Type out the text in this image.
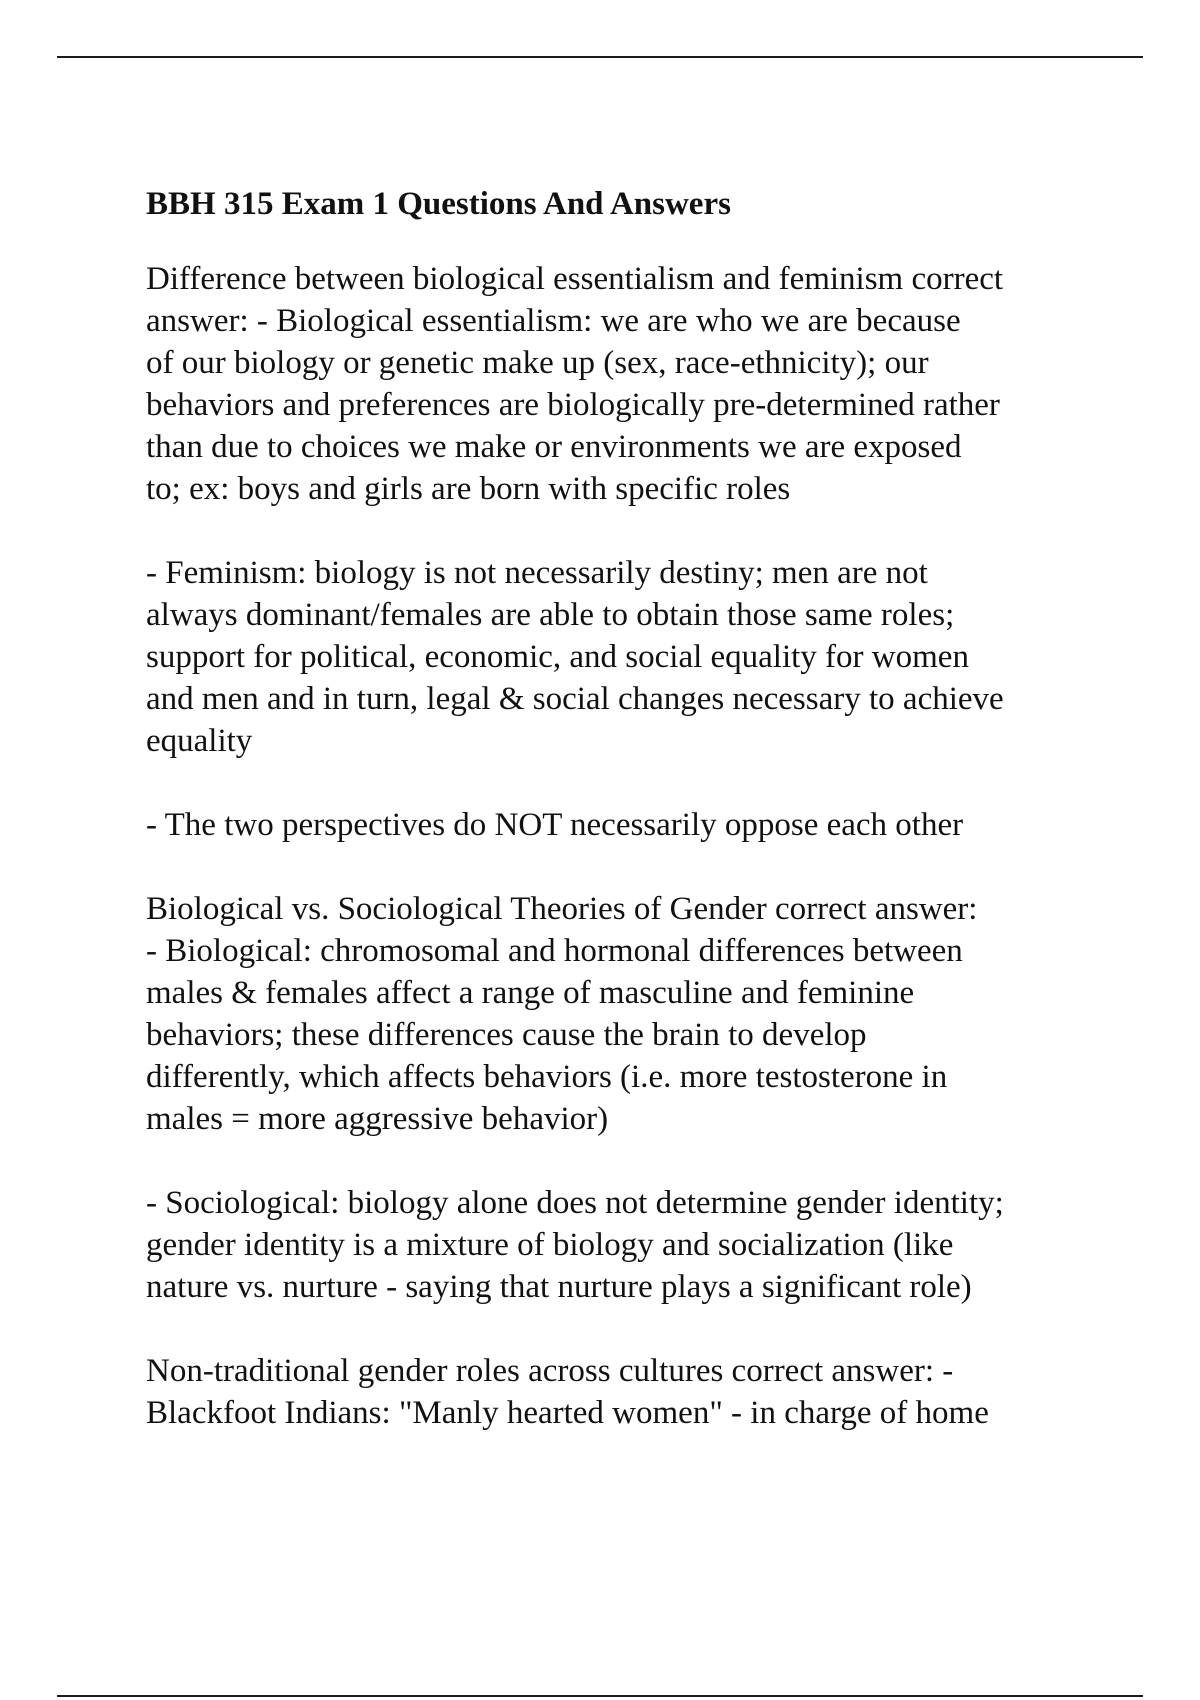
BBH 315 Exam 1 Questions And Answers
Difference between biological essentialism and feminism correct
answer: - Biological essentialism: we are who we are because
of our biology or genetic make up (sex, race-ethnicity); our
behaviors and preferences are biologically pre-determined rather
than due to choices we make or environments we are exposed
to; ex: boys and girls are born with specific roles
- Feminism: biology is not necessarily destiny; men are not
always dominant/females are able to obtain those same roles;
support for political, economic, and social equality for women
and men and in turn, legal & social changes necessary to achieve
equality
- The two perspectives do NOT necessarily oppose each other
Biological vs. Sociological Theories of Gender correct answer:
- Biological: chromosomal and hormonal differences between
males & females affect a range of masculine and feminine
behaviors; these differences cause the brain to develop
differently, which affects behaviors (i.e. more testosterone in
males = more aggressive behavior)
- Sociological: biology alone does not determine gender identity;
gender identity is a mixture of biology and socialization (like
nature vs. nurture - saying that nurture plays a significant role)
Non-traditional gender roles across cultures correct answer: -
Blackfoot Indians: "Manly hearted women" - in charge of home
